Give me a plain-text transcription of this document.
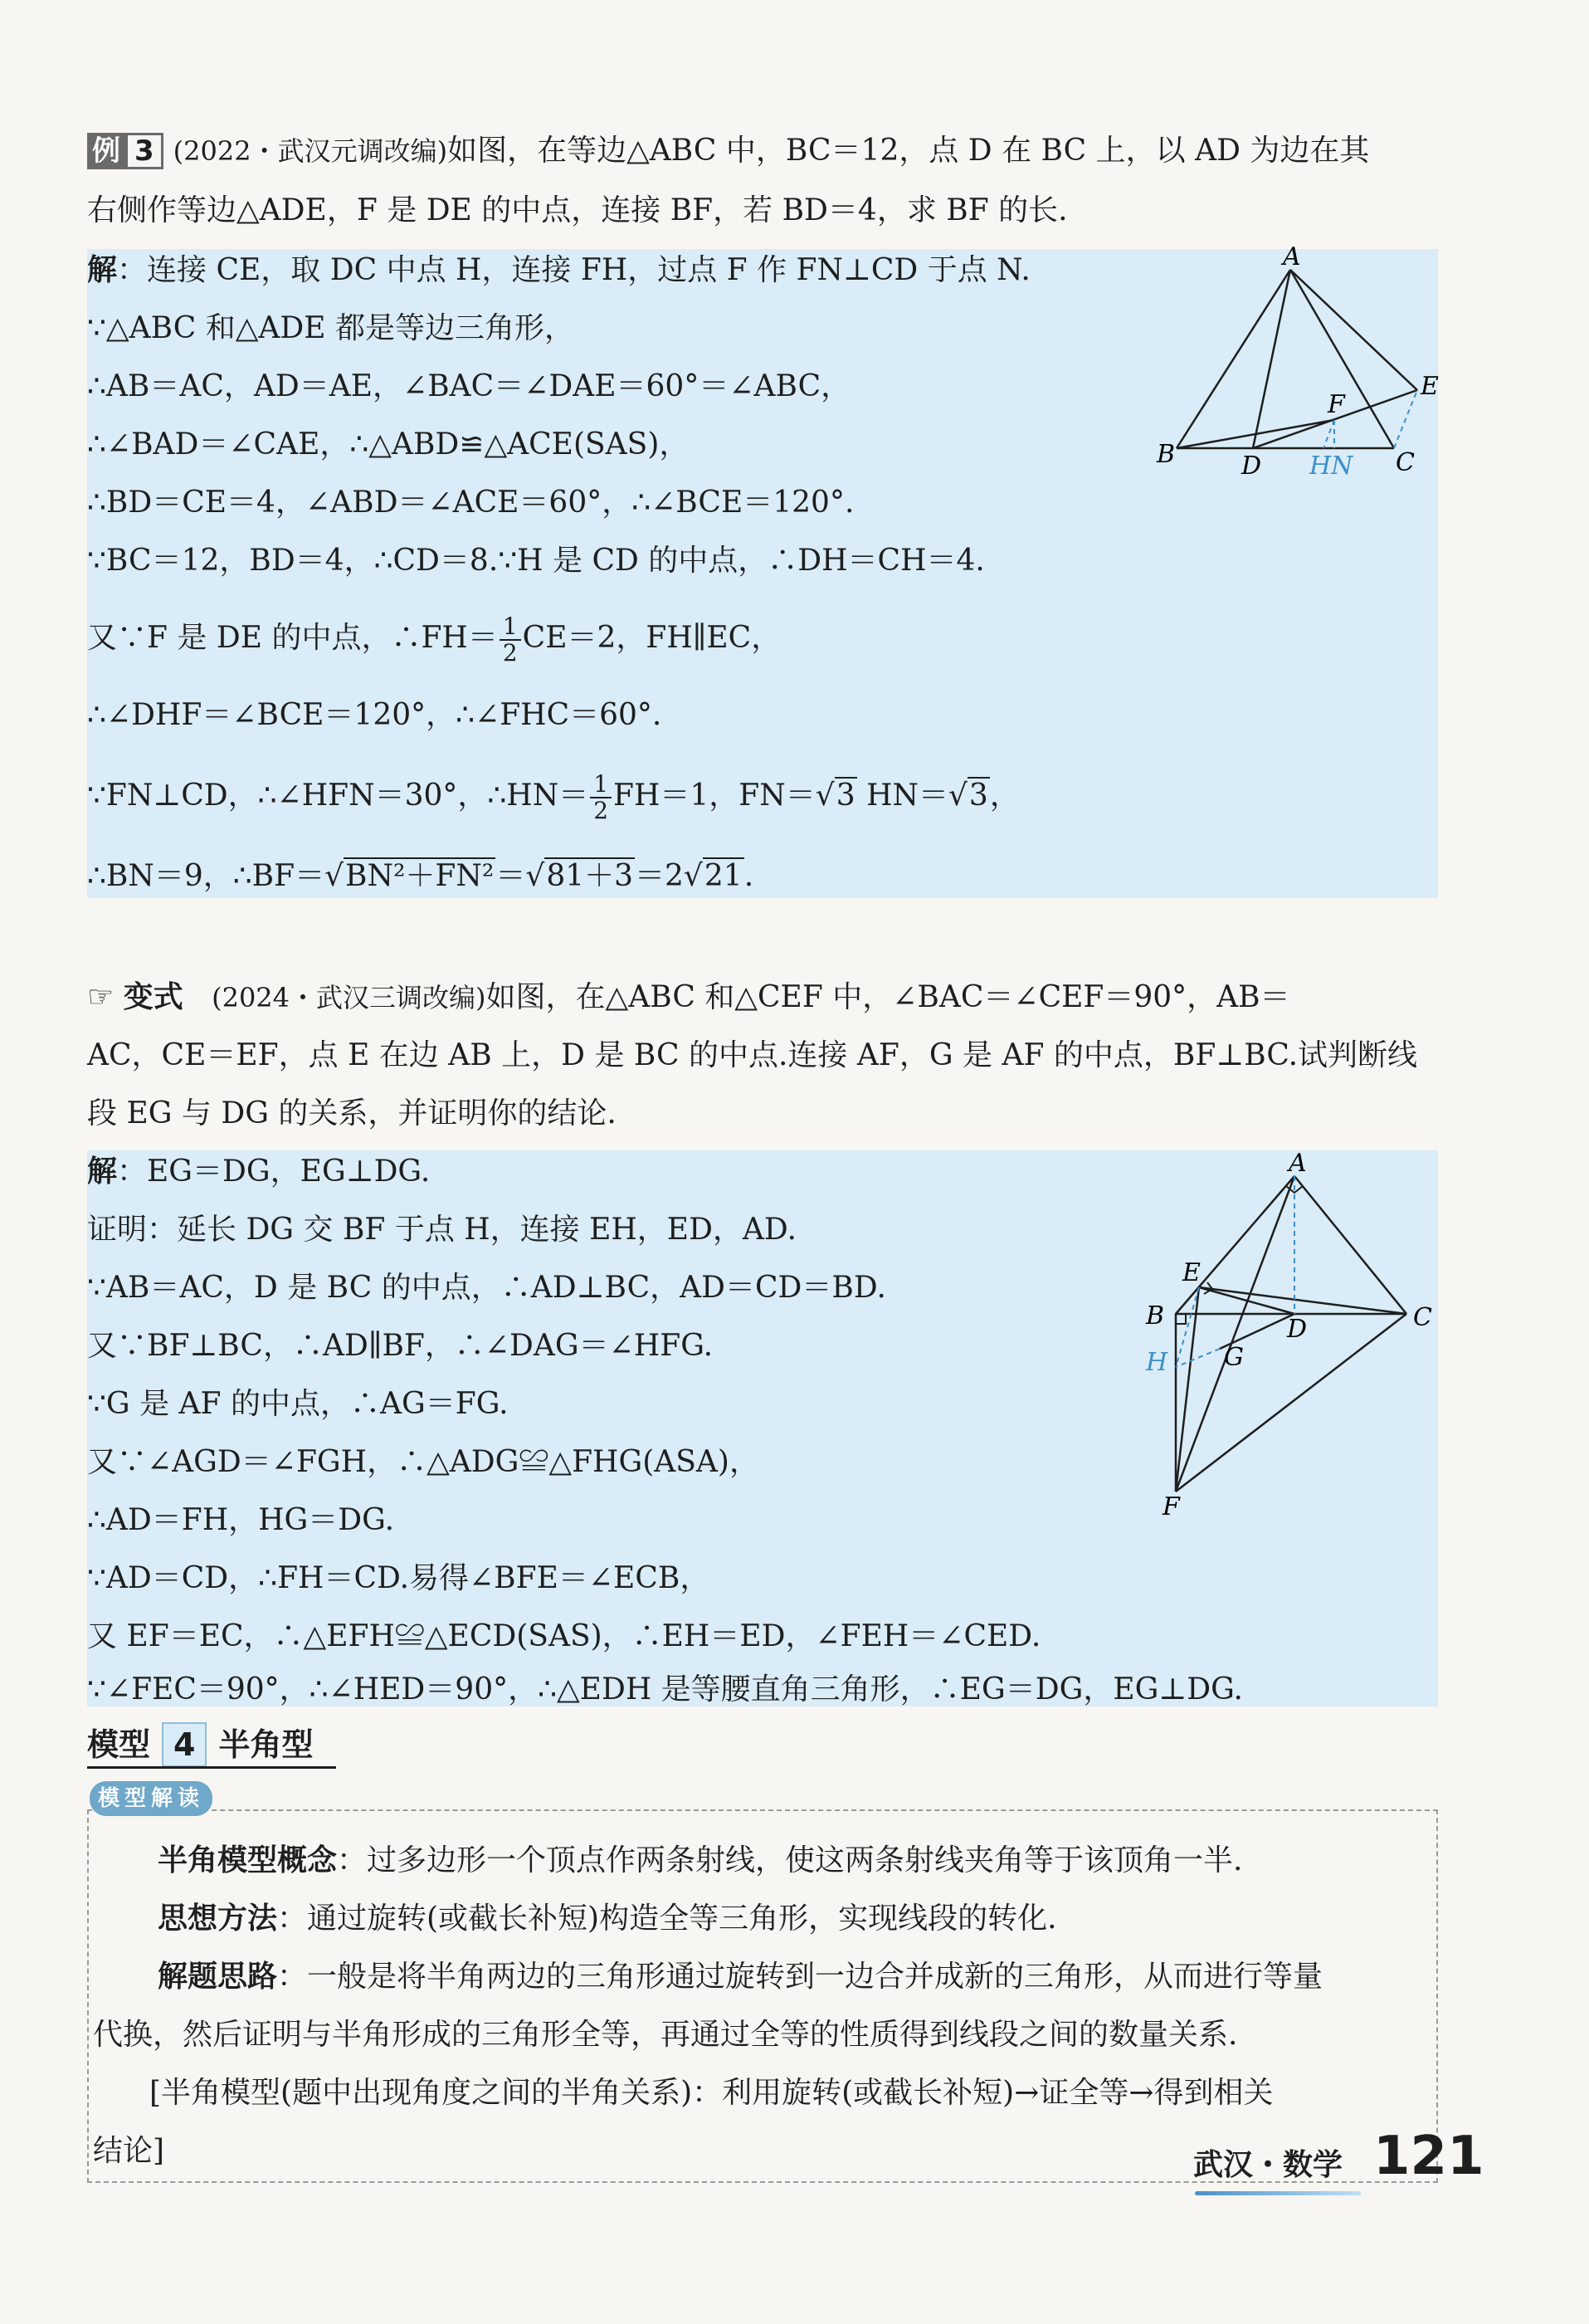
例 3 (2022・武汉元调改编)如图，在等边△ABC 中，BC＝12，点 D 在 BC 上，以 AD 为边在其
右侧作等边△ADE，F 是 DE 的中点，连接 BF，若 BD＝4，求 BF 的长.
解：连接 CE，取 DC 中点 H，连接 FH，过点 F 作 FN⊥CD 于点 N.
∵△ABC 和△ADE 都是等边三角形，
∴AB＝AC，AD＝AE，∠BAC＝∠DAE＝60°＝∠ABC，
∴∠BAD＝∠CAE，∴△ABD≌△ACE(SAS)，
∴BD＝CE＝4，∠ABD＝∠ACE＝60°，∴∠BCE＝120°.
∵BC＝12，BD＝4，∴CD＝8.∵H 是 CD 的中点，∴DH＝CH＝4.
又∵F 是 DE 的中点，∴FH＝ $\frac{1}{2} CE=2$，FH∥EC，
∴∠DHF＝∠BCE＝120°，∴∠FHC＝60°.
∵FN⊥CD，∴∠HFN＝30°，∴HN＝ $\frac{1}{2} FH=1$，FN＝√3 HN＝√3，
∴BN＝9，∴BF＝√BN²＋FN²＝√81＋3＝2√21.
A
B	C
D
E
F
HN
☞ 变式 (2024・武汉三调改编)如图，在△ABC 和△CEF 中，∠BAC＝∠CEF＝90°，AB＝
AC，CE＝EF，点 E 在边 AB 上，D 是 BC 的中点.连接 AF，G 是 AF 的中点，BF⊥BC.试判断线
段 EG 与 DG 的关系，并证明你的结论.
解：EG＝DG，EG⊥DG.
证明：延长 DG 交 BF 于点 H，连接 EH，ED，AD.
∵AB＝AC，D 是 BC 的中点，∴AD⊥BC，AD＝CD＝BD.
又∵BF⊥BC，∴AD∥BF，∴∠DAG＝∠HFG.
∵G 是 AF 的中点，∴AG＝FG.
又∵∠AGD＝∠FGH，∴△ADG≌△FHG(ASA)，
∴AD＝FH，HG＝DG.
∵AD＝CD，∴FH＝CD.易得∠BFE＝∠ECB，
又 EF＝EC，∴△EFH≌△ECD(SAS)，∴EH＝ED，∠FEH＝∠CED.
∵∠FEC＝90°，∴∠HED＝90°，∴△EDH 是等腰直角三角形，∴EG＝DG，EG⊥DG.
A
B	C
D
E
F
G
H
模型 4 半角型
模型解读
半角模型概念：过多边形一个顶点作两条射线，使这两条射线夹角等于该顶角一半.
思想方法：通过旋转(或截长补短)构造全等三角形，实现线段的转化.
解题思路：一般是将半角两边的三角形通过旋转到一边合并成新的三角形，从而进行等量
代换，然后证明与半角形成的三角形全等，再通过全等的性质得到线段之间的数量关系.
[半角模型(题中出现角度之间的半角关系)：利用旋转(或截长补短)→证全等→得到相关
结论]	武汉・数学 121
